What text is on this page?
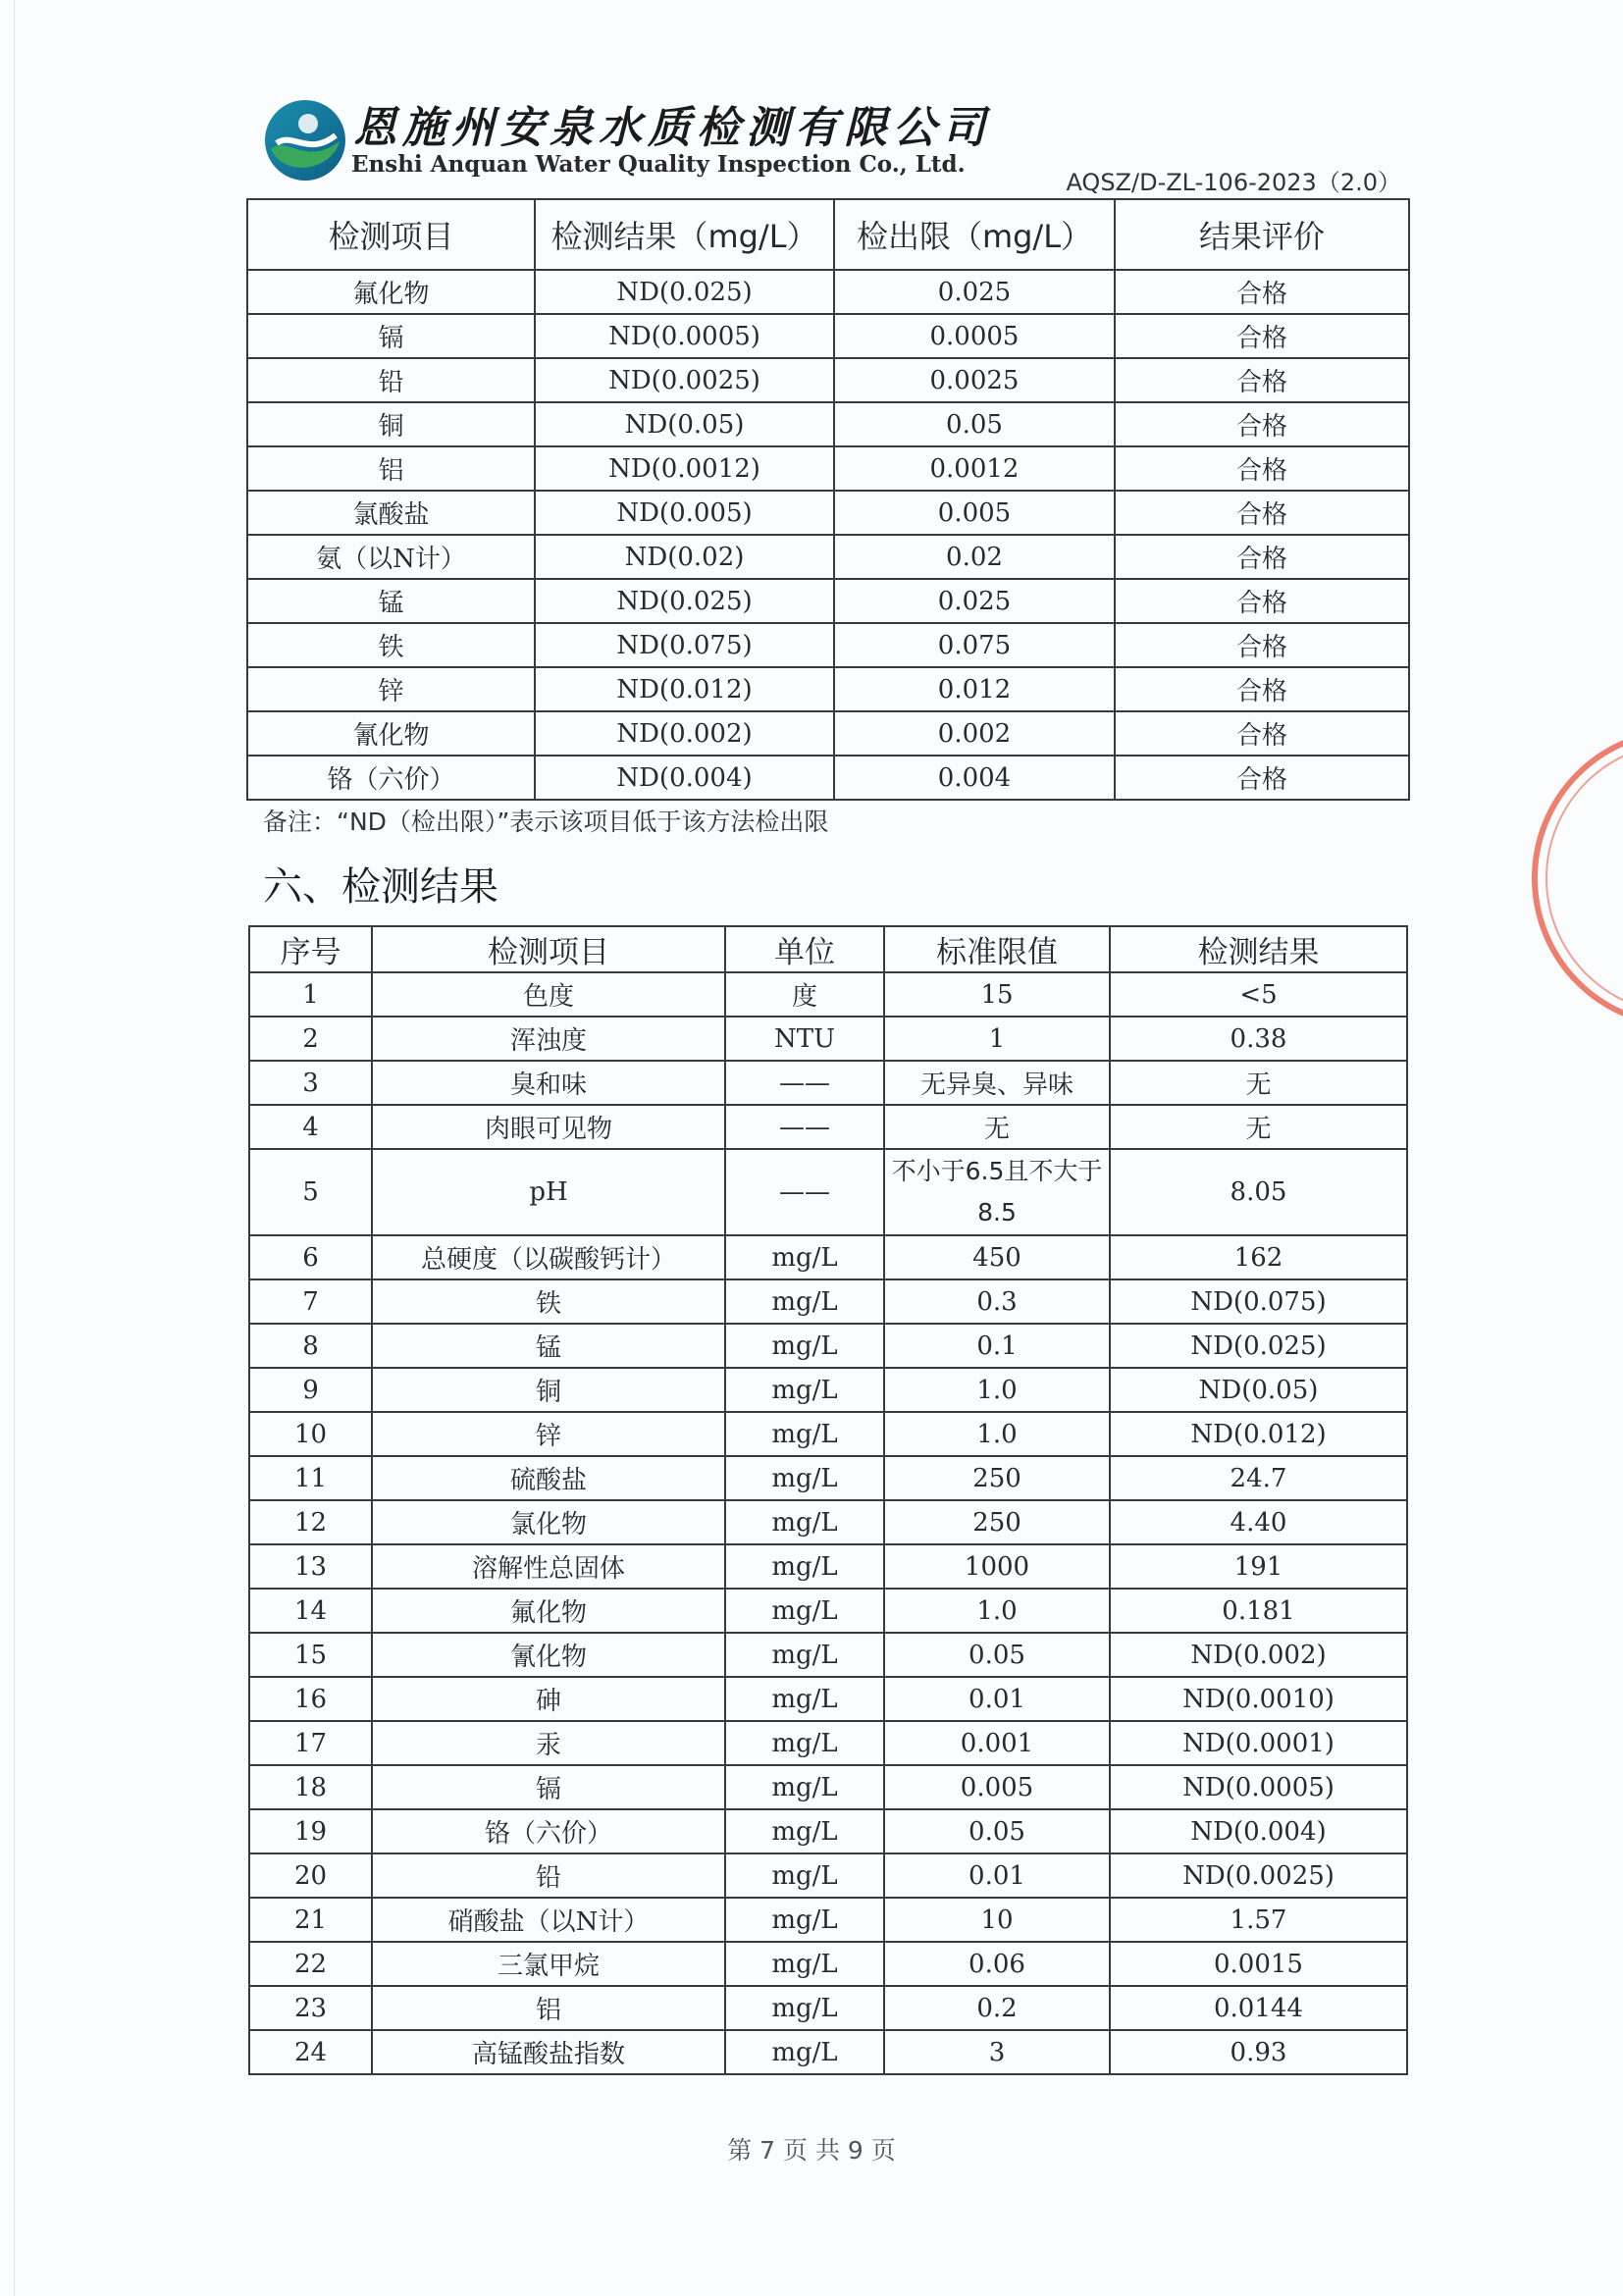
恩施州安泉水质检测有限公司
Enshi Anquan Water Quality Inspection Co., Ltd.
AQSZ/D-ZL-106-2023（2.0）
检测项目	检测结果（mg/L）	检出限（mg/L）	结果评价
氟化物	ND(0.025)	0.025	合格
镉	ND(0.0005)	0.0005	合格
铅	ND(0.0025)	0.0025	合格
铜	ND(0.05)	0.05	合格
铝	ND(0.0012)	0.0012	合格
氯酸盐	ND(0.005)	0.005	合格
氨（以N计）	ND(0.02)	0.02	合格
锰	ND(0.025)	0.025	合格
铁	ND(0.075)	0.075	合格
锌	ND(0.012)	0.012	合格
氰化物	ND(0.002)	0.002	合格
铬（六价）	ND(0.004)	0.004	合格
备注：“ND（检出限）”表示该项目低于该方法检出限
六、检测结果
序号	检测项目	单位	标准限值	检测结果
1	色度	度	15	<5
2	浑浊度	NTU	1	0.38
3	臭和味	——	无异臭、异味	无
4	肉眼可见物	——	无	无
5	pH	——	不小于6.5且不大于8.5	8.05
6	总硬度（以碳酸钙计）	mg/L	450	162
7	铁	mg/L	0.3	ND(0.075)
8	锰	mg/L	0.1	ND(0.025)
9	铜	mg/L	1.0	ND(0.05)
10	锌	mg/L	1.0	ND(0.012)
11	硫酸盐	mg/L	250	24.7
12	氯化物	mg/L	250	4.40
13	溶解性总固体	mg/L	1000	191
14	氟化物	mg/L	1.0	0.181
15	氰化物	mg/L	0.05	ND(0.002)
16	砷	mg/L	0.01	ND(0.0010)
17	汞	mg/L	0.001	ND(0.0001)
18	镉	mg/L	0.005	ND(0.0005)
19	铬（六价）	mg/L	0.05	ND(0.004)
20	铅	mg/L	0.01	ND(0.0025)
21	硝酸盐（以N计）	mg/L	10	1.57
22	三氯甲烷	mg/L	0.06	0.0015
23	铝	mg/L	0.2	0.0144
24	高锰酸盐指数	mg/L	3	0.93
第 7 页 共 9 页
